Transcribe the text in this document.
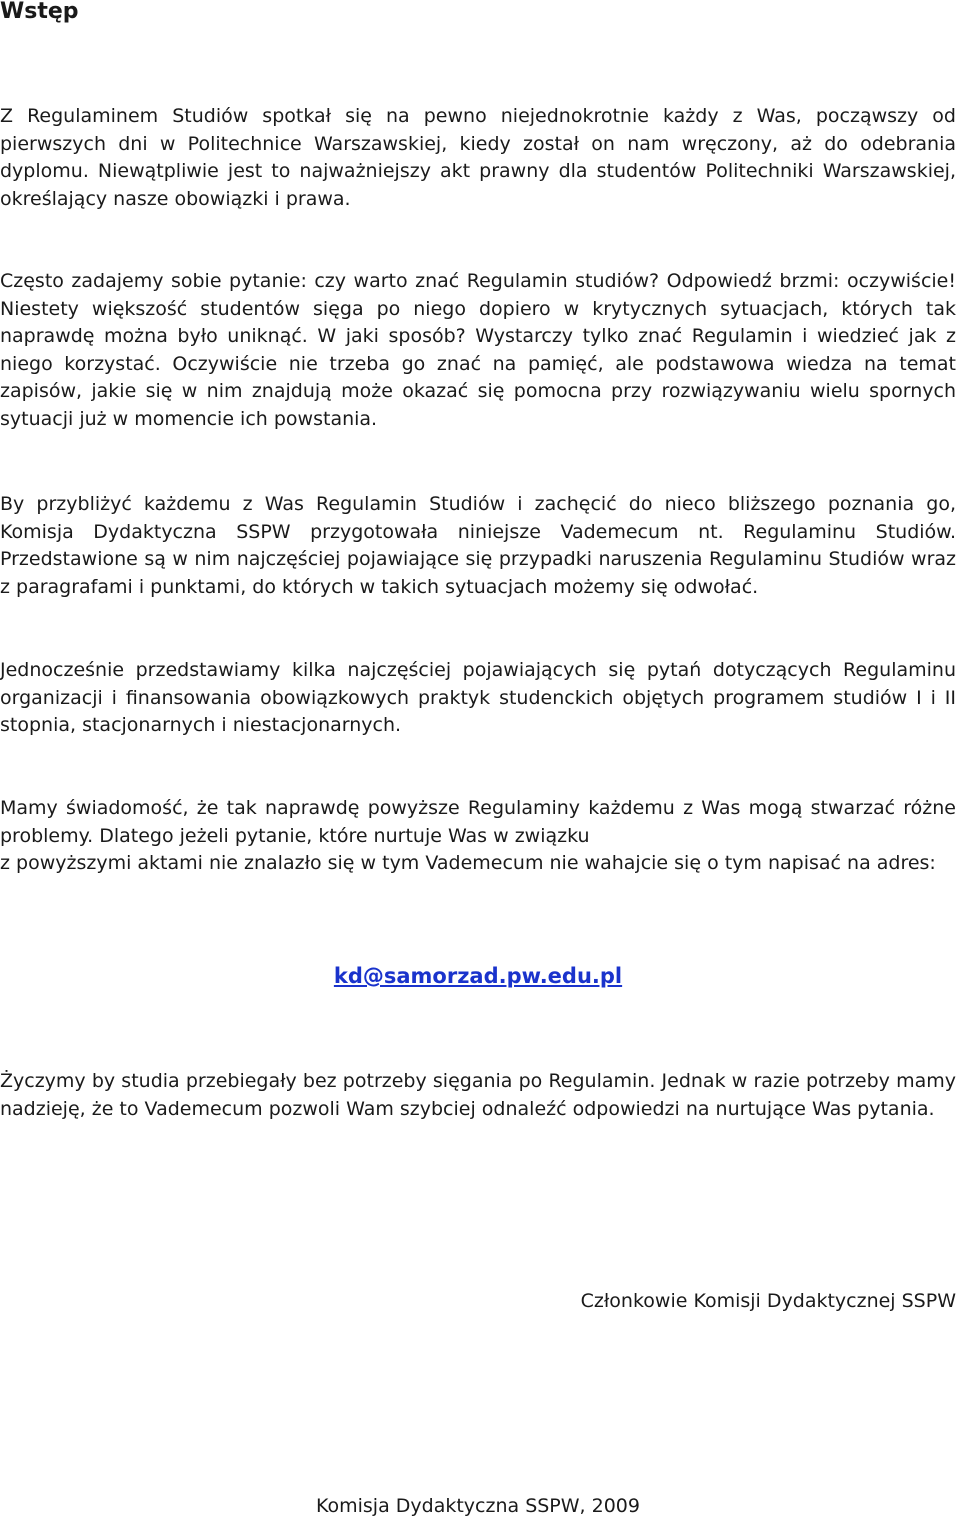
Wstęp

Z Regulaminem Studiów spotkał się na pewno niejednokrotnie każdy z Was, począwszy od pierwszych dni w Politechnice Warszawskiej, kiedy został on nam wręczony, aż do odebrania dyplomu. Niewątpliwie jest to najważniejszy akt prawny dla studentów Politechniki Warszawskiej, określający nasze obowiązki i prawa.

Często zadajemy sobie pytanie: czy warto znać Regulamin studiów? Odpowiedź brzmi: oczywiście! Niestety większość studentów sięga po niego dopiero w krytycznych sytuacjach, których tak naprawdę można było uniknąć. W jaki sposób? Wystarczy tylko znać Regulamin i wiedzieć jak z niego korzystać. Oczywiście nie trzeba go znać na pamięć, ale podstawowa wiedza na temat zapisów, jakie się w nim znajdują może okazać się pomocna przy rozwiązywaniu wielu spornych sytuacji już w momencie ich powstania.

By przybliżyć każdemu z Was Regulamin Studiów i zachęcić do nieco bliższego poznania go, Komisja Dydaktyczna SSPW przygotowała niniejsze Vademecum nt. Regulaminu Studiów. Przedstawione są w nim najczęściej pojawiające się przypadki naruszenia Regulaminu Studiów wraz z paragrafami i punktami, do których w takich sytuacjach możemy się odwołać.

Jednocześnie przedstawiamy kilka najczęściej pojawiających się pytań dotyczących Regulaminu organizacji i finansowania obowiązkowych praktyk studenckich objętych programem studiów I i II stopnia, stacjonarnych i niestacjonarnych.

Mamy świadomość, że tak naprawdę powyższe Regulaminy każdemu z Was mogą stwarzać różne problemy. Dlatego jeżeli pytanie, które nurtuje Was w związku
z powyższymi aktami nie znalazło się w tym Vademecum nie wahajcie się o tym napisać na adres:
kd@samorzad.pw.edu.pl

Życzymy by studia przebiegały bez potrzeby sięgania po Regulamin. Jednak w razie potrzeby mamy nadzieję, że to Vademecum pozwoli Wam szybciej odnaleźć odpowiedzi na nurtujące Was pytania.

Członkowie Komisji Dydaktycznej SSPW

Komisja Dydaktyczna SSPW, 2009
